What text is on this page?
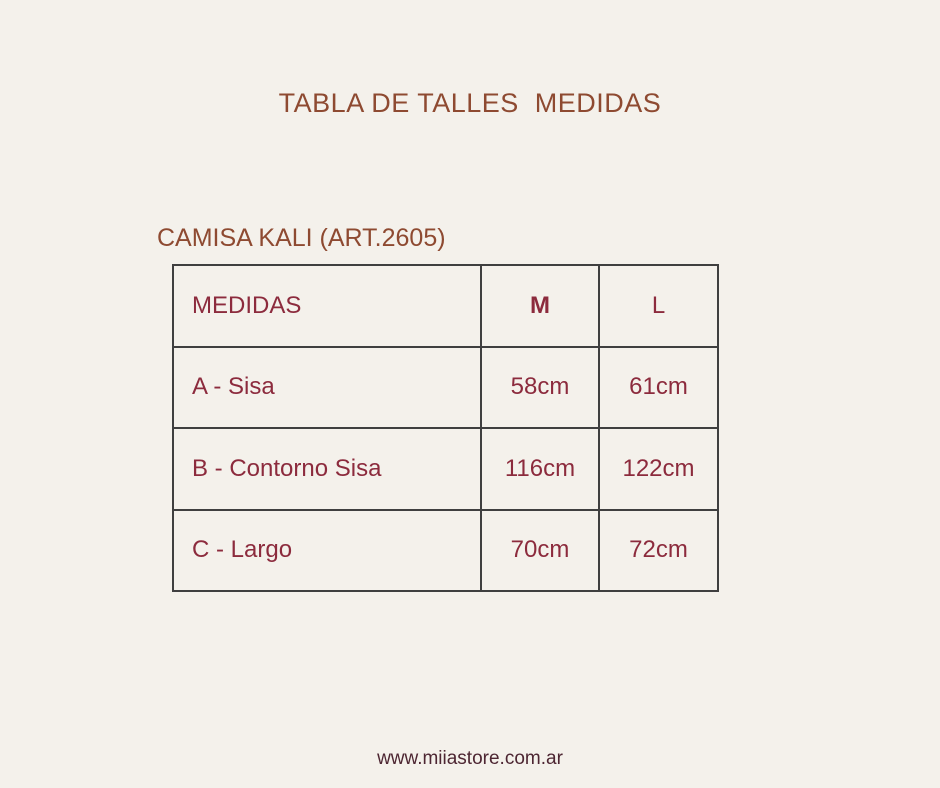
TABLA DE TALLES  MEDIDAS
CAMISA KALI (ART.2605)
MEDIDAS	M	L
A - Sisa	58cm	61cm
B - Contorno Sisa	116cm	122cm
C - Largo	70cm	72cm
www.miiastore.com.ar
